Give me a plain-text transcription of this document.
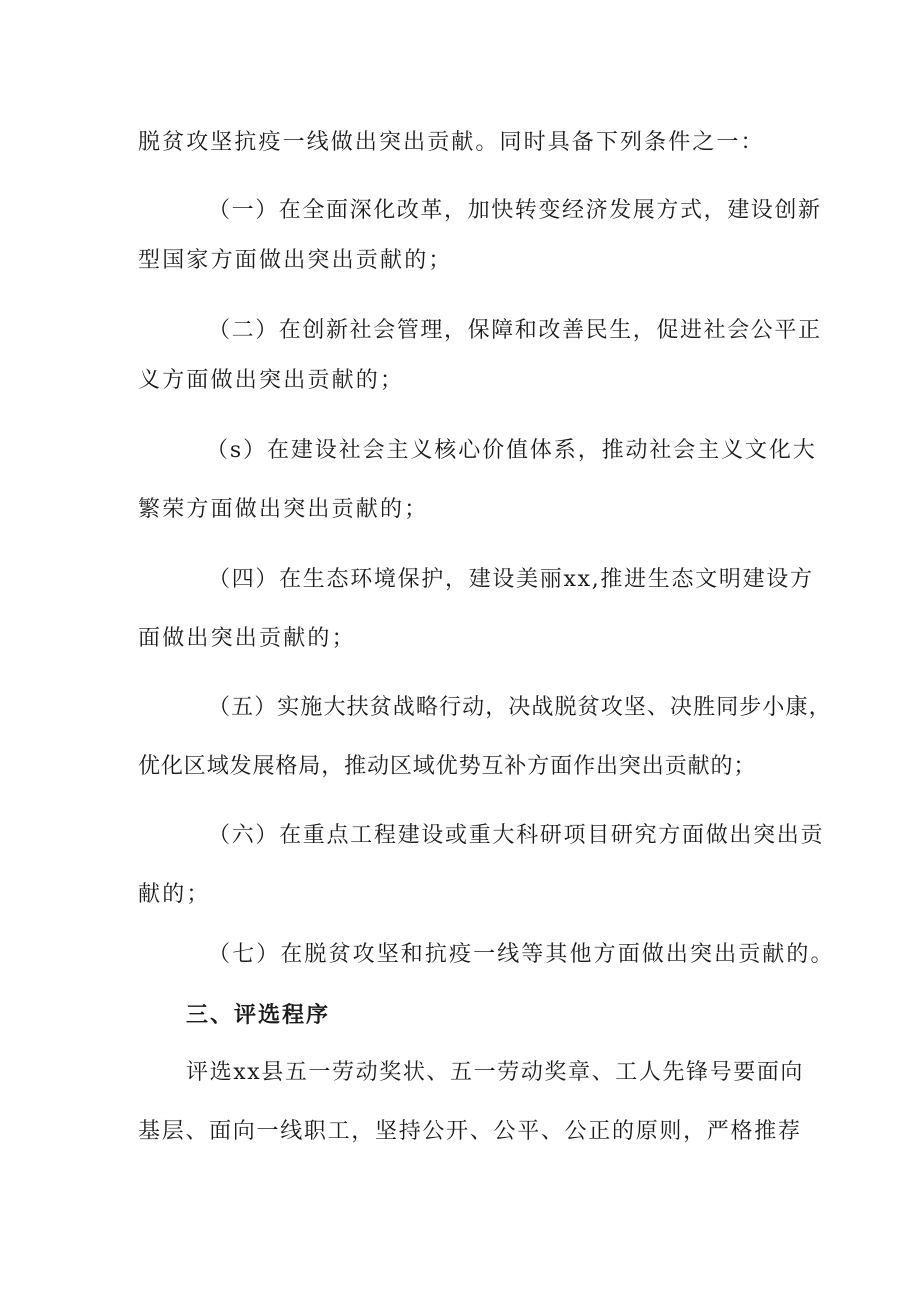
脱贫攻坚抗疫一线做出突出贡献。同时具备下列条件之一：
（一）在全面深化改革，加快转变经济发展方式，建设创新
型国家方面做出突出贡献的；
（二）在创新社会管理，保障和改善民生，促进社会公平正
义方面做出突出贡献的；
（s）在建设社会主义核心价值体系，推动社会主义文化大
繁荣方面做出突出贡献的；
（四）在生态环境保护，建设美丽xx,推进生态文明建设方
面做出突出贡献的；
（五）实施大扶贫战略行动，决战脱贫攻坚、决胜同步小康，
优化区域发展格局，推动区域优势互补方面作出突出贡献的；
（六）在重点工程建设或重大科研项目研究方面做出突出贡
献的；
（七）在脱贫攻坚和抗疫一线等其他方面做出突出贡献的。
三、评选程序
评选xx县五一劳动奖状、五一劳动奖章、工人先锋号要面向
基层、面向一线职工，坚持公开、公平、公正的原则，严格推荐
